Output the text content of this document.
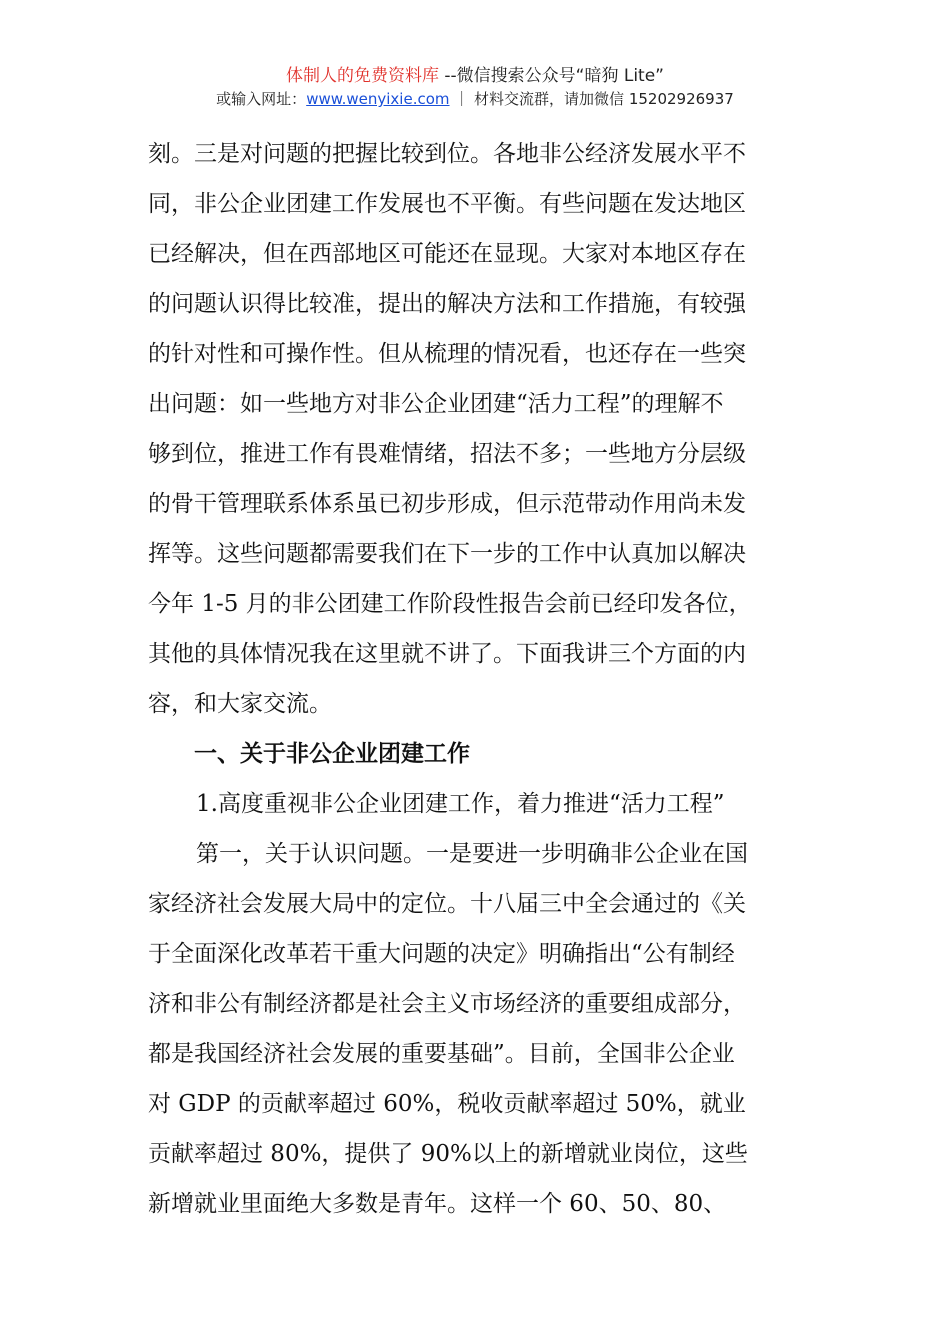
体制人的免费资料库 --微信搜索公众号“暗狗 Lite”
或输入网址：www.wenyixie.com ｜ 材料交流群，请加微信 15202926937
刻。三是对问题的把握比较到位。各地非公经济发展水平不
同，非公企业团建工作发展也不平衡。有些问题在发达地区
已经解决，但在西部地区可能还在显现。大家对本地区存在
的问题认识得比较准，提出的解决方法和工作措施，有较强
的针对性和可操作性。但从梳理的情况看，也还存在一些突
出问题：如一些地方对非公企业团建“活力工程”的理解不
够到位，推进工作有畏难情绪，招法不多；一些地方分层级
的骨干管理联系体系虽已初步形成，但示范带动作用尚未发
挥等。这些问题都需要我们在下一步的工作中认真加以解决
今年 1-5 月的非公团建工作阶段性报告会前已经印发各位，
其他的具体情况我在这里就不讲了。下面我讲三个方面的内
容，和大家交流。
一、关于非公企业团建工作
1.高度重视非公企业团建工作，着力推进“活力工程”
第一，关于认识问题。一是要进一步明确非公企业在国
家经济社会发展大局中的定位。十八届三中全会通过的《关
于全面深化改革若干重大问题的决定》明确指出“公有制经
济和非公有制经济都是社会主义市场经济的重要组成部分，
都是我国经济社会发展的重要基础”。目前，全国非公企业
对 GDP 的贡献率超过 60%，税收贡献率超过 50%，就业
贡献率超过 80%，提供了 90%以上的新增就业岗位，这些
新增就业里面绝大多数是青年。这样一个 60、50、80、
